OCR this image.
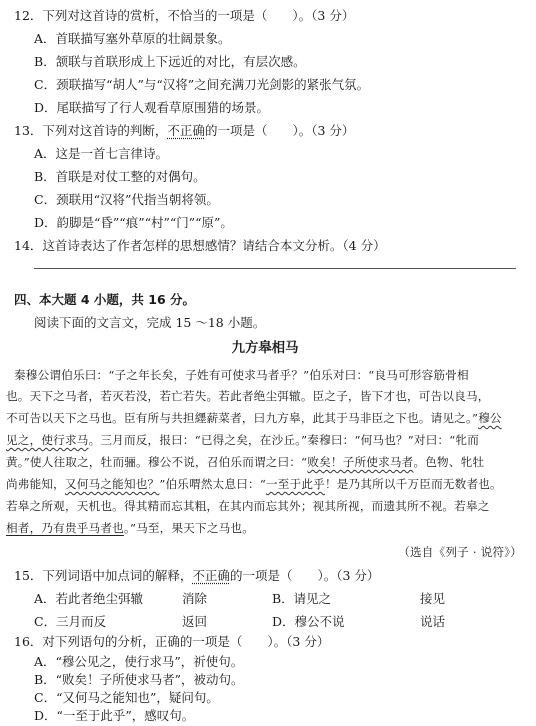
12．下列对这首诗的赏析，不恰当的一项是（　　）。（3 分）
A．首联描写塞外草原的壮阔景象。
B．颔联与首联形成上下远近的对比，有层次感。
C．颈联描写“胡人”与“汉将”之间充满刀光剑影的紧张气氛。
D．尾联描写了行人观看草原围猎的场景。
13．下列对这首诗的判断，不正确的一项是（　　）。（3 分）
A．这是一首七言律诗。
B．首联是对仗工整的对偶句。
C．颈联用“汉将”代指当朝将领。
D．韵脚是“昏”“痕”“村”“门”“原”。
14．这首诗表达了作者怎样的思想感情？请结合本文分析。（4 分）
四、本大题 4 小题，共 16 分。
阅读下面的文言文，完成 15 ～18 小题。
九方皋相马
秦穆公谓伯乐曰：“子之年长矣，子姓有可使求马者乎？”伯乐对曰：“良马可形容筋骨相
也。天下之马者，若灭若没，若亡若失。若此者绝尘弭辙。臣之子，皆下才也，可告以良马，
不可告以天下之马也。臣有所与共担纆薪菜者，曰九方皋，此其于马非臣之下也。请见之。”穆公
见之，使行求马。三月而反，报曰：“已得之矣，在沙丘。”秦穆曰：“何马也？”对曰：“牝而
黄。”使人往取之，牡而骊。穆公不说，召伯乐而谓之曰：“败矣！子所使求马者。色物、牝牡
尚弗能知，又何马之能知也？”伯乐喟然太息曰：“一至于此乎！是乃其所以千万臣而无数者也。
若皋之所观，天机也。得其精而忘其粗，在其内而忘其外；视其所视，而遗其所不视。若皋之
相者，乃有贵乎马者也。”马至，果天下之马也。
（选自《列子 · 说符》）
15．下列词语中加点词的解释，不正确的一项是（　　）。（3 分）
A．若此者绝尘弭辙	消除	B．请见之	接见
C．三月而反	返回	D．穆公不说	说话
16．对下列语句的分析，正确的一项是（　　）。（3 分）
A．“穆公见之，使行求马”，祈使句。
B．“败矣！子所使求马者”，被动句。
C．“又何马之能知也”，疑问句。
D．“一至于此乎”，感叹句。
